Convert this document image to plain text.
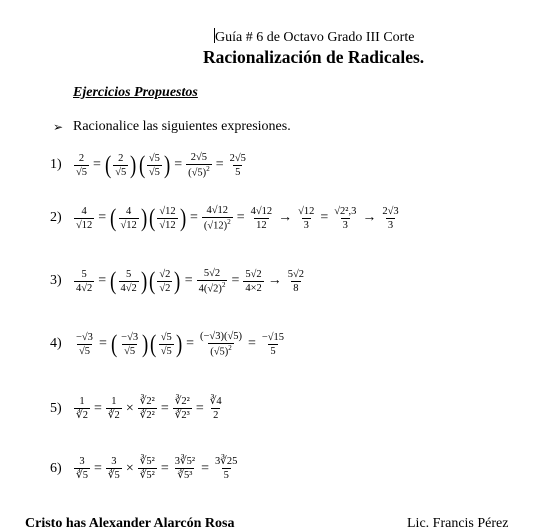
Guía # 6 de Octavo Grado III Corte
Racionalización de Radicales.
Ejercicios Propuestos
➢ Racionalice las siguientes expresiones.
1)	$\frac{2}{√5}$ = ( $\frac{2}{√5}$ ) ( $\frac{√5}{√5}$ ) = $\frac{2√5}{(√5)^2} = \frac{2√5}{5}$
2)	$\frac{4}{√12}$ = ( $\frac{4}{√12}$ ) ( $\frac{√12}{√12}$ ) = $\frac{4√12}{(√12)^2} = \frac{4√12}{12} \to \frac{√12}{3} = \frac{\text{√2²,3}}{3} \to \frac{2√3}{3}$
3)	$\frac{5}{4√2}$ = ( $\frac{5}{4√2}$ ) ( $\frac{√2}{√2}$ ) = $\frac{5√2}{4(√2)^2} = \frac{5√2}{4\times 2} \to \frac{5√2}{8}$
4)	$\frac{-√3}{√5}$ = ( $\frac{-√3}{√5}$ ) ( $\frac{√5}{√5}$ ) = $\frac{(-√3)(√5)}{(√5)^2} = \frac{-√15}{5}$
5)	$\frac{1}{∛2} = \frac{1}{∛2} \times \frac{\text{∛2²}}{\text{∛2²}} = \frac{\text{∛2²}}{\text{∛2³}} = \frac{∛4}{2}$
6)	$\frac{3}{∛5} = \frac{3}{∛5} \times \frac{\text{∛5²}}{\text{∛5²}} = \frac{\text{3∛5²}}{\text{∛5³}} = \frac{3∛25}{5}$
Cristo has Alexander Alarcón Rosa	Lic. Francis Pérez
